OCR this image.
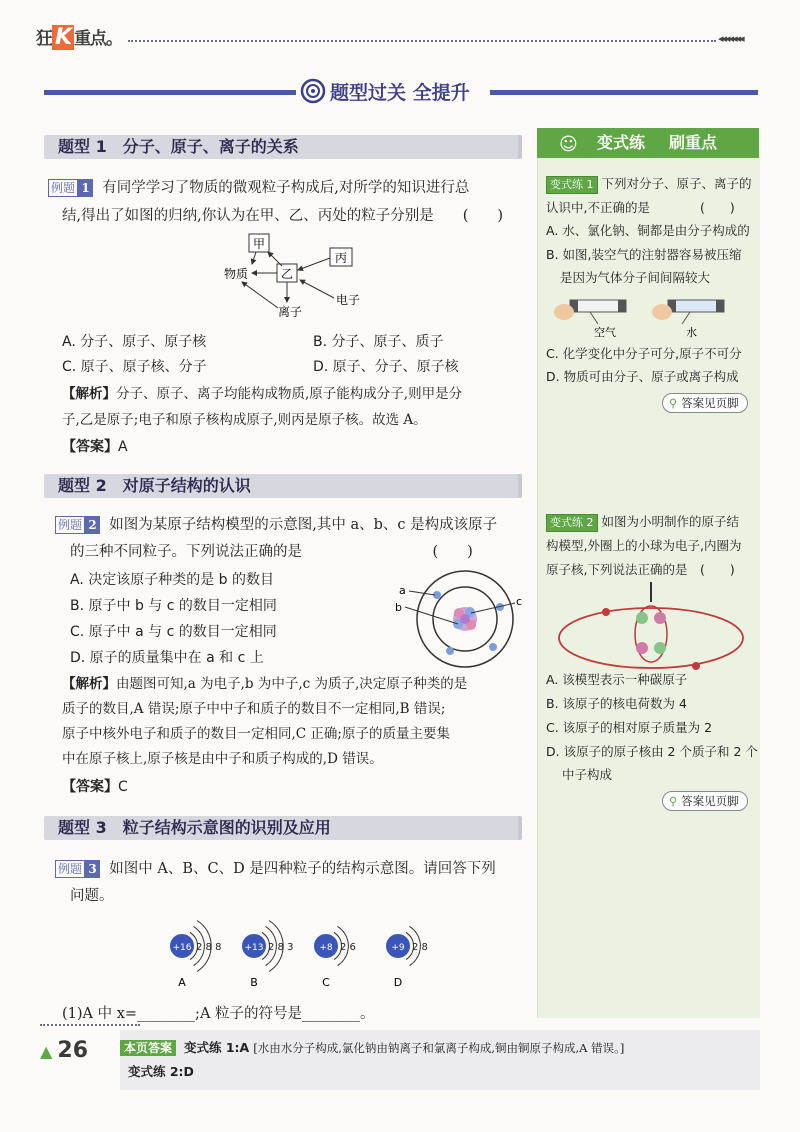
狂 K 重点。	◂◂◂◂◂◂◂
题型过关 全提升
题型 1　分子、原子、离子的关系
例题 1 有同学学习了物质的微观粒子构成后,对所学的知识进行总
结,得出了如图的归纳,你认为在甲、乙、丙处的粒子分别是　　(　　)
甲
乙
丙
物质
离子
电子
A. 分子、原子、原子核	B. 分子、原子、质子
C. 原子、原子核、分子	D. 原子、分子、原子核
【解析】分子、原子、离子均能构成物质,原子能构成分子,则甲是分
子,乙是原子;电子和原子核构成原子,则丙是原子核。故选 A。
【答案】A
题型 2　对原子结构的认识
例题 2 如图为某原子结构模型的示意图,其中 a、b、c 是构成该原子
的三种不同粒子。下列说法正确的是　　　　　　　　　(　　)
A. 决定该原子种类的是 b 的数目
B. 原子中 b 与 c 的数目一定相同
C. 原子中 a 与 c 的数目一定相同
D. 原子的质量集中在 a 和 c 上
a
b	c
【解析】由题图可知,a 为电子,b 为中子,c 为质子,决定原子种类的是
质子的数目,A 错误;原子中中子和质子的数目不一定相同,B 错误;
原子中核外电子和质子的数目一定相同,C 正确;原子的质量主要集
中在原子核上,原子核是由中子和质子构成的,D 错误。
【答案】C
题型 3　粒子结构示意图的识别及应用
例题 3 如图中 A、B、C、D 是四种粒子的结构示意图。请回答下列
问题。
+16 2 8 8
A
+13 2 8 3
B
+8 2 6
C
+9 2 8
D
(1)A 中 x=________;A 粒子的符号是________。
☺ 变式练 刷重点
变式练 1 下列对分子、原子、离子的
认识中,不正确的是　　　　(　　)
A. 水、氯化钠、铜都是由分子构成的
B. 如图,装空气的注射器容易被压缩
是因为气体分子间间隔较大
空气	水
C. 化学变化中分子可分,原子不可分
D. 物质可由分子、原子或离子构成
⚲ 答案见页脚
变式练 2 如图为小明制作的原子结
构模型,外圈上的小球为电子,内圈为
原子核,下列说法正确的是　(　　)
A. 该模型表示一种碳原子
B. 该原子的核电荷数为 4
C. 该原子的相对原子质量为 2
D. 该原子的原子核由 2 个质子和 2 个
中子构成
⚲ 答案见页脚
▲ 26	本页答案 变式练 1:A [水由水分子构成,氯化钠由钠离子和氯离子构成,铜由铜原子构成,A 错误。]
变式练 2:D
